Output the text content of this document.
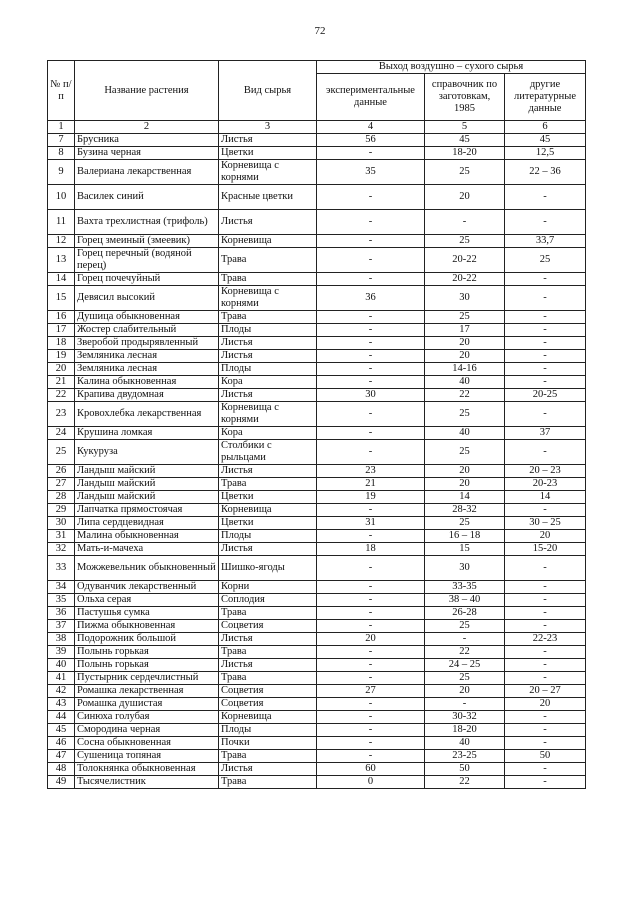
72
№ п/п	Название растения	Вид сырья	Выход воздушно – сухого сырья		
			экспериментальные данные	справочник по заготовкам, 1985	другие литературные данные
1	2	3	4	5	6
7	Брусника	Листья	56	45	45
8	Бузина черная	Цветки	-	18-20	12,5
9	Валериана лекарственная	Корневища с корнями	35	25	22 – 36
10	Василек синий	Красные цветки	-	20	-
11	Вахта трехлистная (трифоль)	Листья	-	-	-
12	Горец змеиный (змеевик)	Корневища	-	25	33,7
13	Горец перечный (водяной перец)	Трава	-	20-22	25
14	Горец почечуйный	Трава	-	20-22	-
15	Девясил высокий	Корневища с корнями	36	30	-
16	Душица обыкновенная	Трава	-	25	-
17	Жостер слабительный	Плоды	-	17	-
18	Зверобой продырявленный	Листья	-	20	-
19	Земляника лесная	Листья	-	20	-
20	Земляника лесная	Плоды	-	14-16	-
21	Калина обыкновенная	Кора	-	40	-
22	Крапива двудомная	Листья	30	22	20-25
23	Кровохлебка лекарственная	Корневища с корнями	-	25	-
24	Крушина ломкая	Кора	-	40	37
25	Кукуруза	Столбики с рыльцами	-	25	-
26	Ландыш майский	Листья	23	20	20 – 23
27	Ландыш майский	Трава	21	20	20-23
28	Ландыш майский	Цветки	19	14	14
29	Лапчатка прямостоячая	Корневища	-	28-32	-
30	Липа сердцевидная	Цветки	31	25	30 – 25
31	Малина обыкновенная	Плоды	-	16 – 18	20
32	Мать-и-мачеха	Листья	18	15	15-20
33	Можжевельник обыкновенный	Шишко-ягоды	-	30	-
34	Одуванчик лекарственный	Корни	-	33-35	-
35	Ольха серая	Соплодия	-	38 – 40	-
36	Пастушья сумка	Трава	-	26-28	-
37	Пижма обыкновенная	Соцветия	-	25	-
38	Подорожник большой	Листья	20	-	22-23
39	Полынь горькая	Трава	-	22	-
40	Полынь горькая	Листья	-	24 – 25	-
41	Пустырник сердечлистный	Трава	-	25	-
42	Ромашка лекарственная	Соцветия	27	20	20 – 27
43	Ромашка душистая	Соцветия	-	-	20
44	Синюха голубая	Корневища	-	30-32	-
45	Смородина черная	Плоды	-	18-20	-
46	Сосна обыкновенная	Почки	-	40	-
47	Сушеница топяная	Трава	-	23-25	50
48	Толокнянка обыкновенная	Листья	60	50	-
49	Тысячелистник	Трава	0	22	-
